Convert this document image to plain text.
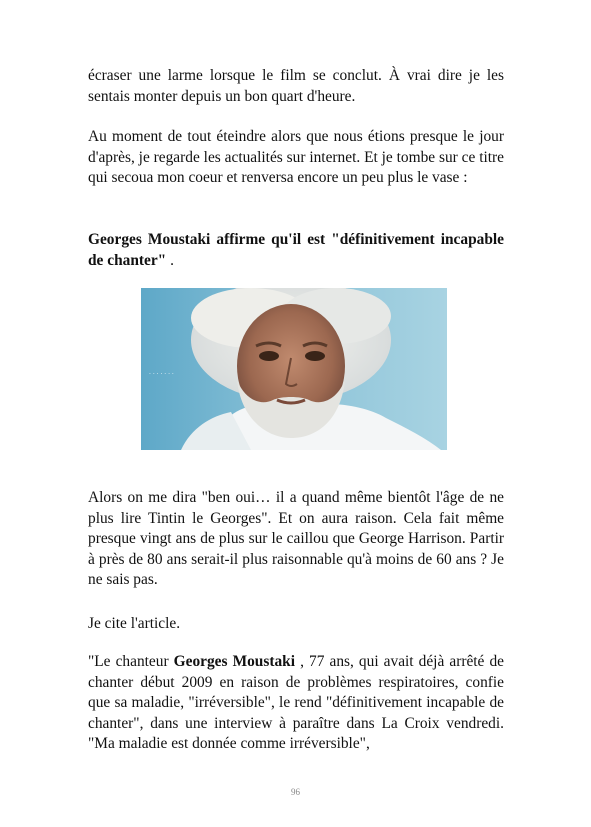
écraser une larme lorsque le film se conclut. À vrai dire je les sentais monter depuis un bon quart d'heure.

Au moment de tout éteindre alors que nous étions presque le jour d'après, je regarde les actualités sur internet. Et je tombe sur ce titre qui secoua mon coeur et renversa encore un peu plus le vase :

Georges Moustaki affirme qu'il est "définitivement incapable de chanter" .

· · · · · · ·

Alors on me dira "ben oui… il a quand même bientôt l'âge de ne plus lire Tintin le Georges". Et on aura raison. Cela fait même presque vingt ans de plus sur le caillou que George Harrison. Partir à près de 80 ans serait-il plus raisonnable qu'à moins de 60 ans ? Je ne sais pas.

Je cite l'article.

"Le chanteur Georges Moustaki , 77 ans, qui avait déjà arrêté de chanter début 2009 en raison de problèmes respiratoires, confie que sa maladie, "irréversible", le rend "définitivement incapable de chanter", dans une interview à paraître dans La Croix vendredi. "Ma maladie est donnée comme irréversible",

96
